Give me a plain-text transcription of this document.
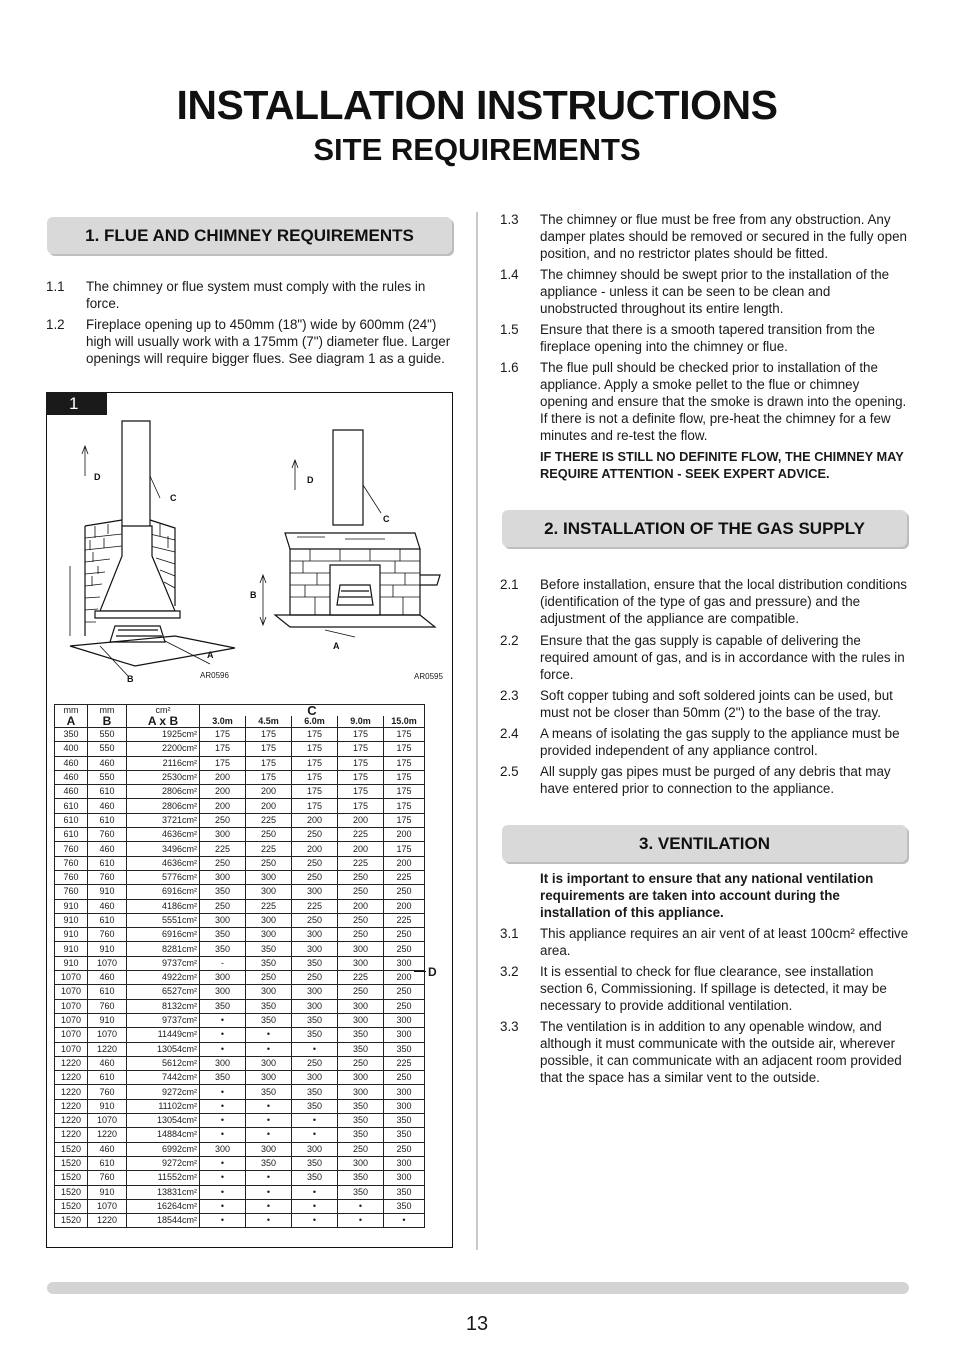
INSTALLATION INSTRUCTIONS
SITE REQUIREMENTS
1. FLUE AND CHIMNEY REQUIREMENTS
1.1 The chimney or flue system must comply with the rules in force.
1.2 Fireplace opening up to 450mm (18") wide by 600mm (24") high will usually work with a 175mm (7") diameter flue. Larger openings will require bigger flues. See diagram 1 as a guide.
1
D
C
A
B
D
C
B
A
AR0596	AR0595
mm	mm	cm²	C				
A	B	A x B	3.0m	4.5m	6.0m	9.0m	15.0m
350	550	1925cm²	175	175	175	175	175
400	550	2200cm²	175	175	175	175	175
460	460	2116cm²	175	175	175	175	175
460	550	2530cm²	200	175	175	175	175
460	610	2806cm²	200	200	175	175	175
610	460	2806cm²	200	200	175	175	175
610	610	3721cm²	250	225	200	200	175
610	760	4636cm²	300	250	250	225	200
760	460	3496cm²	225	225	200	200	175
760	610	4636cm²	250	250	250	225	200
760	760	5776cm²	300	300	250	250	225
760	910	6916cm²	350	300	300	250	250
910	460	4186cm²	250	225	225	200	200
910	610	5551cm²	300	300	250	250	225
910	760	6916cm²	350	300	300	250	250
910	910	8281cm²	350	350	300	300	250
910	1070	9737cm²	-	350	350	300	300
1070	460	4922cm²	300	250	250	225	200
1070	610	6527cm²	300	300	300	250	250
1070	760	8132cm²	350	350	300	300	250
1070	910	9737cm²	•	350	350	300	300
1070	1070	11449cm²	•	•	350	350	300
1070	1220	13054cm²	•	•	•	350	350
1220	460	5612cm²	300	300	250	250	225
1220	610	7442cm²	350	300	300	300	250
1220	760	9272cm²	•	350	350	300	300
1220	910	11102cm²	•	•	350	350	300
1220	1070	13054cm²	•	•	•	350	350
1220	1220	14884cm²	•	•	•	350	350
1520	460	6992cm²	300	300	300	250	250
1520	610	9272cm²	•	350	350	300	300
1520	760	11552cm²	•	•	350	350	300
1520	910	13831cm²	•	•	•	350	350
1520	1070	16264cm²	•	•	•	•	350
1520	1220	18544cm²	•	•	•	•	•
D
1.3 The chimney or flue must be free from any obstruction. Any damper plates should be removed or secured in the fully open position, and no restrictor plates should be fitted.
1.4 The chimney should be swept prior to the installation of the appliance - unless it can be seen to be clean and unobstructed throughout its entire length.
1.5 Ensure that there is a smooth tapered transition from the fireplace opening into the chimney or flue.
1.6 The flue pull should be checked prior to installation of the appliance. Apply a smoke pellet to the flue or chimney opening and ensure that the smoke is drawn into the opening. If there is not a definite flow, pre-heat the chimney for a few minutes and re-test the flow.
IF THERE IS STILL NO DEFINITE FLOW, THE CHIMNEY MAY REQUIRE ATTENTION - SEEK EXPERT ADVICE.
2. INSTALLATION OF THE GAS SUPPLY
2.1 Before installation, ensure that the local distribution conditions (identification of the type of gas and pressure) and the adjustment of the appliance are compatible.
2.2 Ensure that the gas supply is capable of delivering the required amount of gas, and is in accordance with the rules in force.
2.3 Soft copper tubing and soft soldered joints can be used, but must not be closer than 50mm (2") to the base of the tray.
2.4 A means of isolating the gas supply to the appliance must be provided independent of any appliance control.
2.5 All supply gas pipes must be purged of any debris that may have entered prior to connection to the appliance.
3. VENTILATION
It is important to ensure that any national ventilation requirements are taken into account during the installation of this appliance.
3.1 This appliance requires an air vent of at least 100cm² effective area.
3.2 It is essential to check for flue clearance, see installation section 6, Commissioning. If spillage is detected, it may be necessary to provide additional ventilation.
3.3 The ventilation is in addition to any openable window, and although it must communicate with the outside air, wherever possible, it can communicate with an adjacent room provided that the space has a similar vent to the outside.
13
